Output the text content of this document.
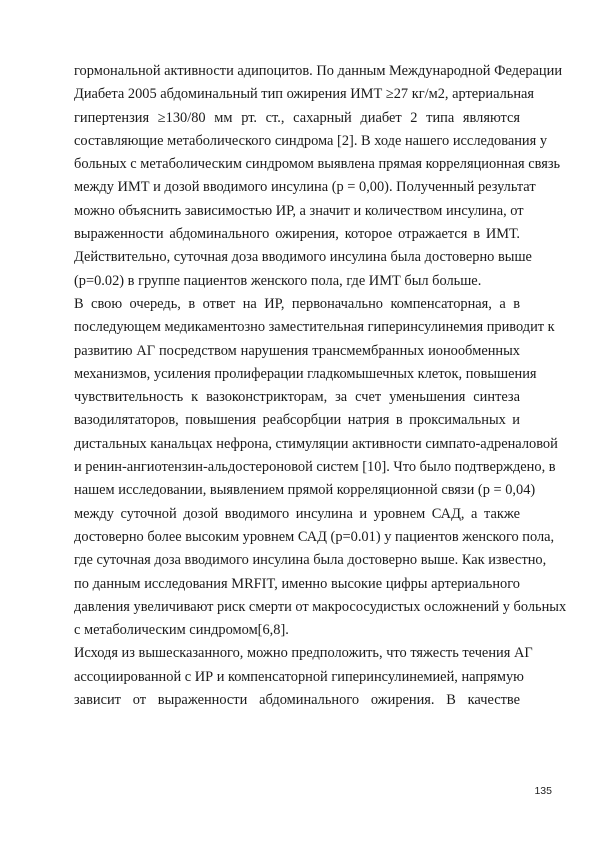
гормональной активности адипоцитов. По данным Международной Федерации
Диабета 2005 абдоминальный тип ожирения ИМТ ≥27 кг/м2, артериальная
гипертензия ≥130/80 мм рт. ст., сахарный диабет 2 типа являются
составляющие метаболического синдрома [2]. В ходе нашего исследования у
больных с метаболическим синдромом выявлена прямая корреляционная связь
между ИМТ и дозой вводимого инсулина (р = 0,00). Полученный результат
можно объяснить зависимостью ИР, а значит и количеством инсулина, от
выраженности абдоминального ожирения, которое отражается в ИМТ.
Действительно, суточная доза вводимого инсулина была достоверно выше
(р=0.02) в группе пациентов женского пола, где ИМТ был больше.
В свою очередь, в ответ на ИР, первоначально компенсаторная, а в
последующем медикаментозно заместительная гиперинсулинемия приводит к
развитию АГ посредством нарушения трансмембранных ионообменных
механизмов, усиления пролиферации гладкомышечных клеток, повышения
чувствительность к вазоконстрикторам, за счет уменьшения синтеза
вазодилятаторов, повышения реабсорбции натрия в проксимальных и
дистальных канальцах нефрона, стимуляции активности симпато-адреналовой
и ренин-ангиотензин-альдостероновой систем [10]. Что было подтверждено, в
нашем исследовании, выявлением прямой корреляционной связи (р = 0,04)
между суточной дозой вводимого инсулина и уровнем САД, а также
достоверно более высоким уровнем САД (р=0.01) у пациентов женского пола,
где суточная доза вводимого инсулина была достоверно выше. Как известно,
по данным исследования MRFIT, именно высокие цифры артериального
давления увеличивают риск смерти от макрососудистых осложнений у больных
с метаболическим синдромом[6,8].
Исходя из вышесказанного, можно предположить, что тяжесть течения АГ
ассоциированной с ИР и компенсаторной гиперинсулинемией, напрямую
зависит от выраженности абдоминального ожирения. В качестве
135
